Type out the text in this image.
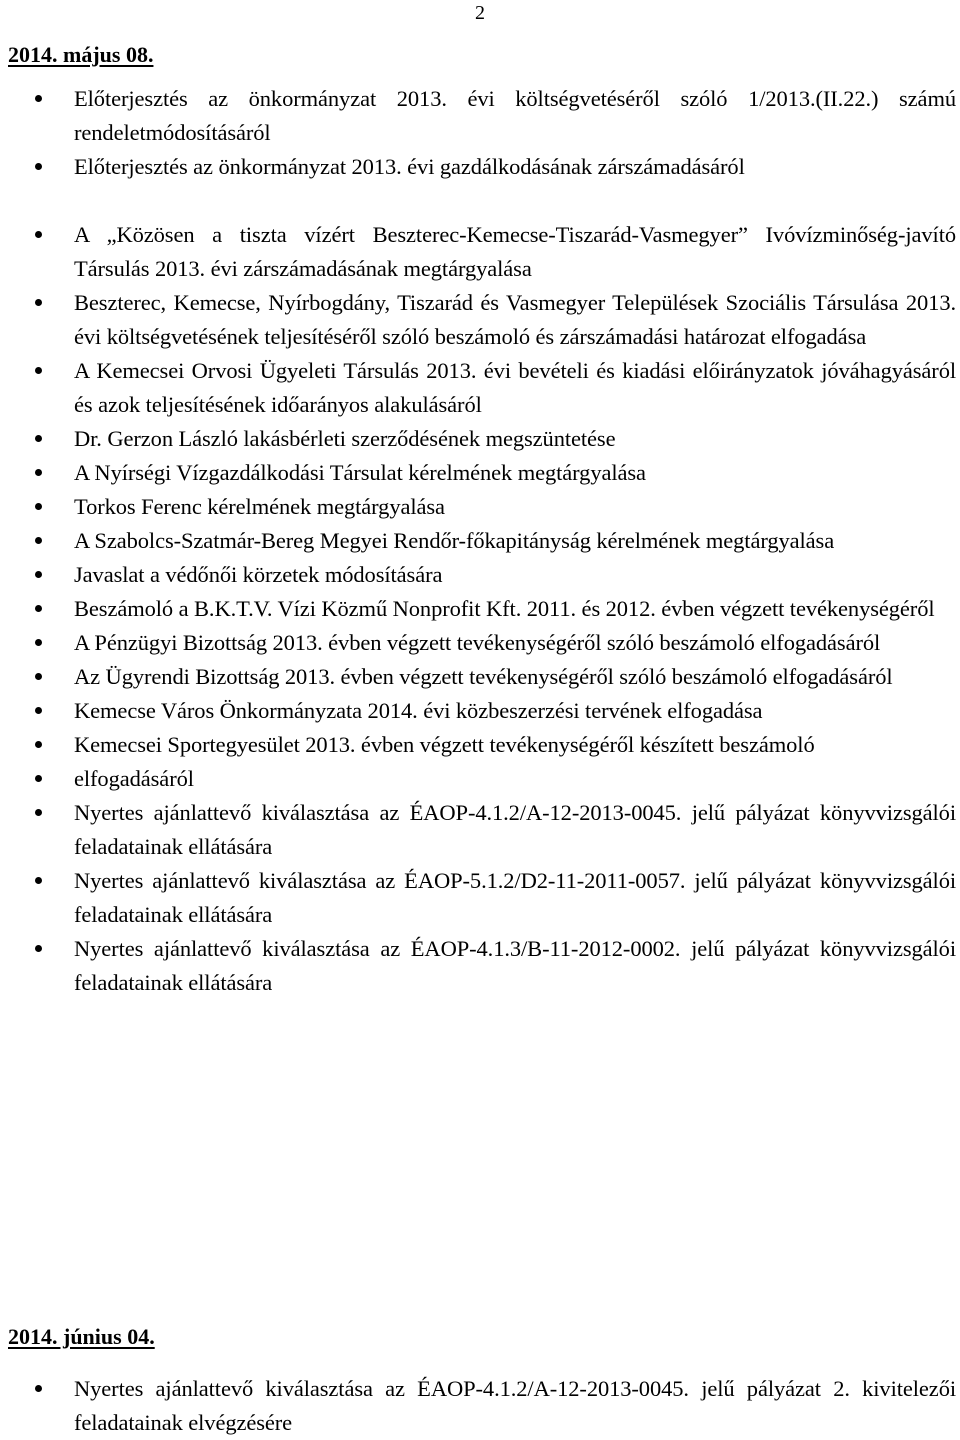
2
2014. május 08.
Előterjesztés az önkormányzat 2013. évi költségvetéséről szóló 1/2013.(II.22.) számú rendeletmódosításáról
Előterjesztés az önkormányzat 2013. évi gazdálkodásának zárszámadásáról
A „Közösen a tiszta vízért Beszterec-Kemecse-Tiszarád-Vasmegyer” Ivóvízminőség-javító Társulás 2013. évi zárszámadásának megtárgyalása
Beszterec, Kemecse, Nyírbogdány, Tiszarád és Vasmegyer Települések Szociális Társulása 2013. évi költségvetésének teljesítéséről szóló beszámoló és zárszámadási határozat elfogadása
A Kemecsei Orvosi Ügyeleti Társulás 2013. évi bevételi és kiadási előirányzatok jóváhagyásáról és azok teljesítésének időarányos alakulásáról
Dr. Gerzon László lakásbérleti szerződésének megszüntetése
A Nyírségi Vízgazdálkodási Társulat kérelmének megtárgyalása
Torkos Ferenc kérelmének megtárgyalása
A Szabolcs-Szatmár-Bereg Megyei Rendőr-főkapitányság kérelmének megtárgyalása
Javaslat a védőnői körzetek módosítására
Beszámoló a B.K.T.V. Vízi Közmű Nonprofit Kft. 2011. és 2012. évben végzett tevékenységéről
A Pénzügyi Bizottság 2013. évben végzett tevékenységéről szóló beszámoló elfogadásáról
Az Ügyrendi Bizottság 2013. évben végzett tevékenységéről szóló beszámoló elfogadásáról
Kemecse Város Önkormányzata 2014. évi közbeszerzési tervének elfogadása
Kemecsei Sportegyesület 2013. évben végzett tevékenységéről készített beszámoló
elfogadásáról
Nyertes ajánlattevő kiválasztása az ÉAOP-4.1.2/A-12-2013-0045. jelű pályázat könyvvizsgálói feladatainak ellátására
Nyertes ajánlattevő kiválasztása az ÉAOP-5.1.2/D2-11-2011-0057. jelű pályázat könyvvizsgálói feladatainak ellátására
Nyertes ajánlattevő kiválasztása az ÉAOP-4.1.3/B-11-2012-0002. jelű pályázat könyvvizsgálói feladatainak ellátására
2014. június 04.
Nyertes ajánlattevő kiválasztása az ÉAOP-4.1.2/A-12-2013-0045. jelű pályázat 2. kivitelezői feladatainak elvégzésére
